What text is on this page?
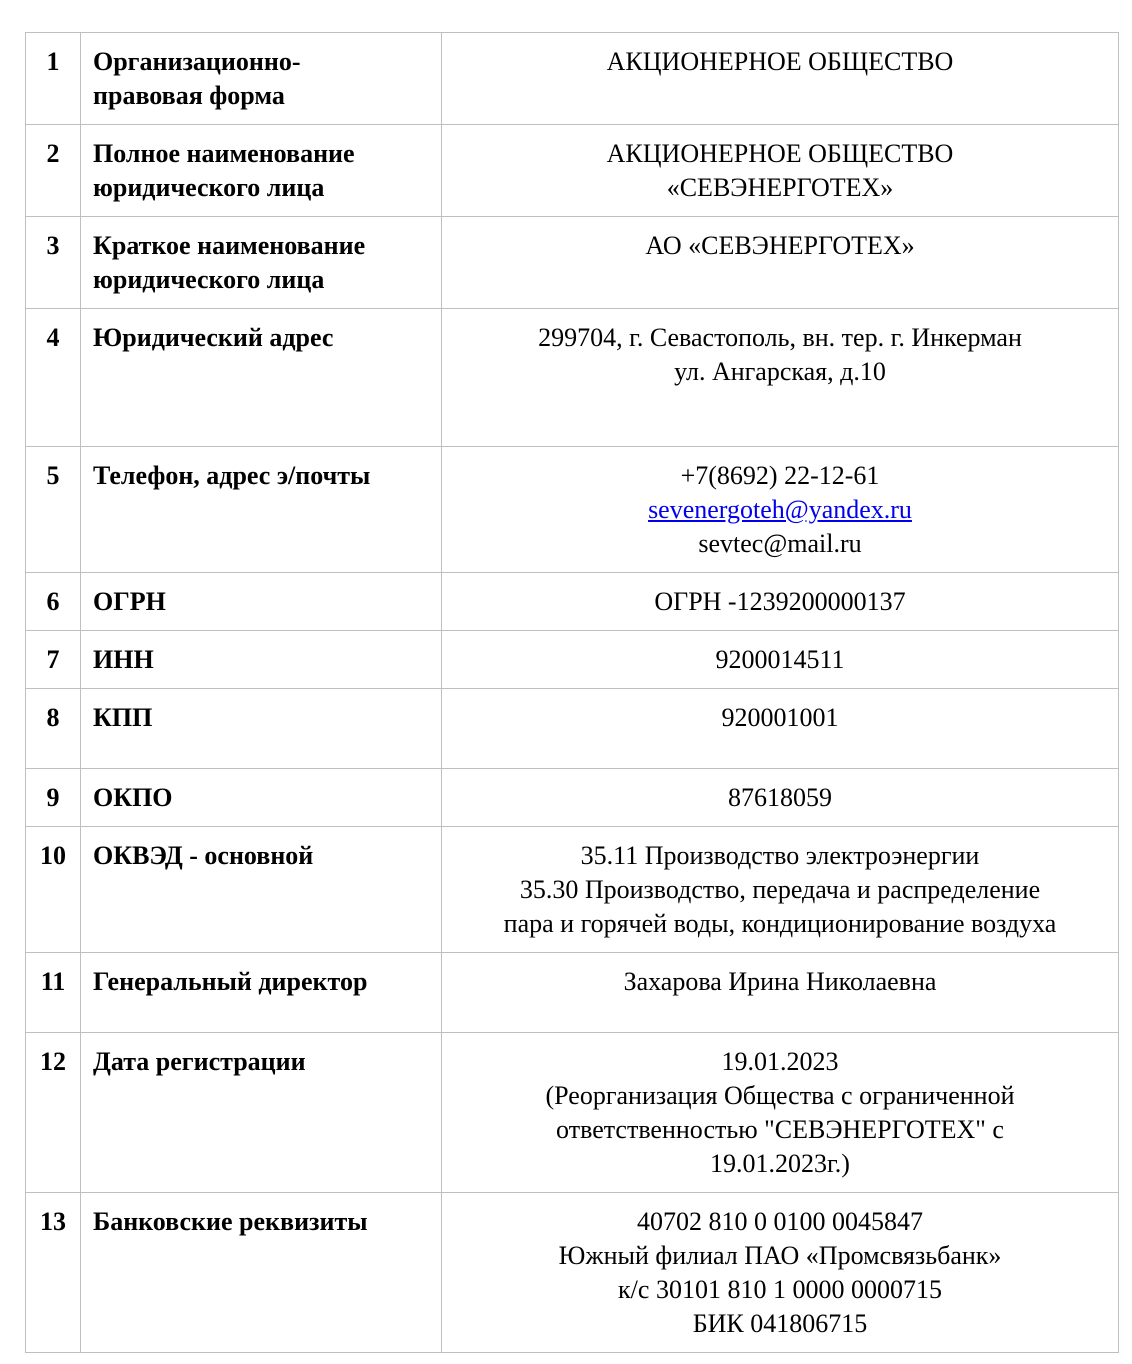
1	Организационно-
правовая форма	АКЦИОНЕРНОЕ ОБЩЕСТВО

2	Полное наименование
юридического лица	АКЦИОНЕРНОЕ ОБЩЕСТВО
«СЕВЭНЕРГОТЕХ»

3	Краткое наименование
юридического лица	АО «СЕВЭНЕРГОТЕХ»

4	Юридический адрес	299704, г. Севастополь, вн. тер. г. Инкерман
ул. Ангарская, д.10

5	Телефон, адрес э/почты	+7(8692) 22-12-61
sevenergoteh@yandex.ru
sevtec@mail.ru

6	ОГРН	ОГРН -1239200000137

7	ИНН	9200014511

8	КПП	920001001

9	ОКПО	87618059

10	ОКВЭД - основной	35.11 Производство электроэнергии
35.30 Производство, передача и распределение
пара и горячей воды, кондиционирование воздуха

11	Генеральный директор	Захарова Ирина Николаевна

12	Дата регистрации	19.01.2023
(Реорганизация Общества с ограниченной
ответственностью "СЕВЭНЕРГОТЕХ" с
19.01.2023г.)

13	Банковские реквизиты	40702 810 0 0100 0045847
Южный филиал ПАО «Промсвязьбанк»
к/с 30101 810 1 0000 0000715
БИК 041806715
